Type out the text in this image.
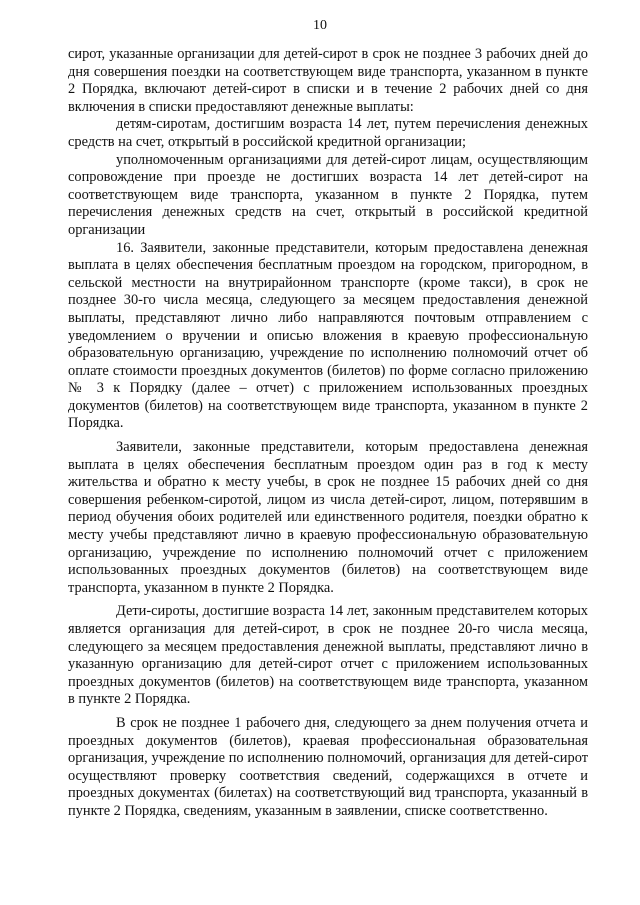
10

сирот, указанные организации для детей-сирот в срок не позднее 3 рабочих дней до дня совершения поездки на соответствующем виде транспорта, указанном в пункте 2 Порядка, включают детей-сирот в списки и в течение 2 рабочих дней со дня включения в списки предоставляют денежные выплаты:

детям-сиротам, достигшим возраста 14 лет, путем перечисления денежных средств на счет, открытый в российской кредитной организации;

уполномоченным организациями для детей-сирот лицам, осуществляющим сопровождение при проезде не достигших возраста 14 лет детей-сирот на соответствующем виде транспорта, указанном в пункте 2 Порядка, путем перечисления денежных средств на счет, открытый в российской кредитной организации

16. Заявители, законные представители, которым предоставлена денежная выплата в целях обеспечения бесплатным проездом на городском, пригородном, в сельской местности на внутрирайонном транспорте (кроме такси), в срок не позднее 30-го числа месяца, следующего за месяцем предоставления денежной выплаты, представляют лично либо направляются почтовым отправлением с уведомлением о вручении и описью вложения в краевую профессиональную образовательную организацию, учреждение по исполнению полномочий отчет об оплате стоимости проездных документов (билетов) по форме согласно приложению № 3 к Порядку (далее – отчет) с приложением использованных проездных документов (билетов) на соответствующем виде транспорта, указанном в пункте 2 Порядка.

Заявители, законные представители, которым предоставлена денежная выплата в целях обеспечения бесплатным проездом один раз в год к месту жительства и обратно к месту учебы, в срок не позднее 15 рабочих дней со дня совершения ребенком-сиротой, лицом из числа детей-сирот, лицом, потерявшим в период обучения обоих родителей или единственного родителя, поездки обратно к месту учебы представляют лично в краевую профессиональную образовательную организацию, учреждение по исполнению полномочий отчет с приложением использованных проездных документов (билетов) на соответствующем виде транспорта, указанном в пункте 2 Порядка.

Дети-сироты, достигшие возраста 14 лет, законным представителем которых является организация для детей-сирот, в срок не позднее 20-го числа месяца, следующего за месяцем предоставления денежной выплаты, представляют лично в указанную организацию для детей-сирот отчет с приложением использованных проездных документов (билетов) на соответствующем виде транспорта, указанном в пункте 2 Порядка.

В срок не позднее 1 рабочего дня, следующего за днем получения отчета и проездных документов (билетов), краевая профессиональная образовательная организация, учреждение по исполнению полномочий, организация для детей-сирот осуществляют проверку соответствия сведений, содержащихся в отчете и проездных документах (билетах) на соответствующий вид транспорта, указанный в пункте 2 Порядка, сведениям, указанным в заявлении, списке соответственно.
